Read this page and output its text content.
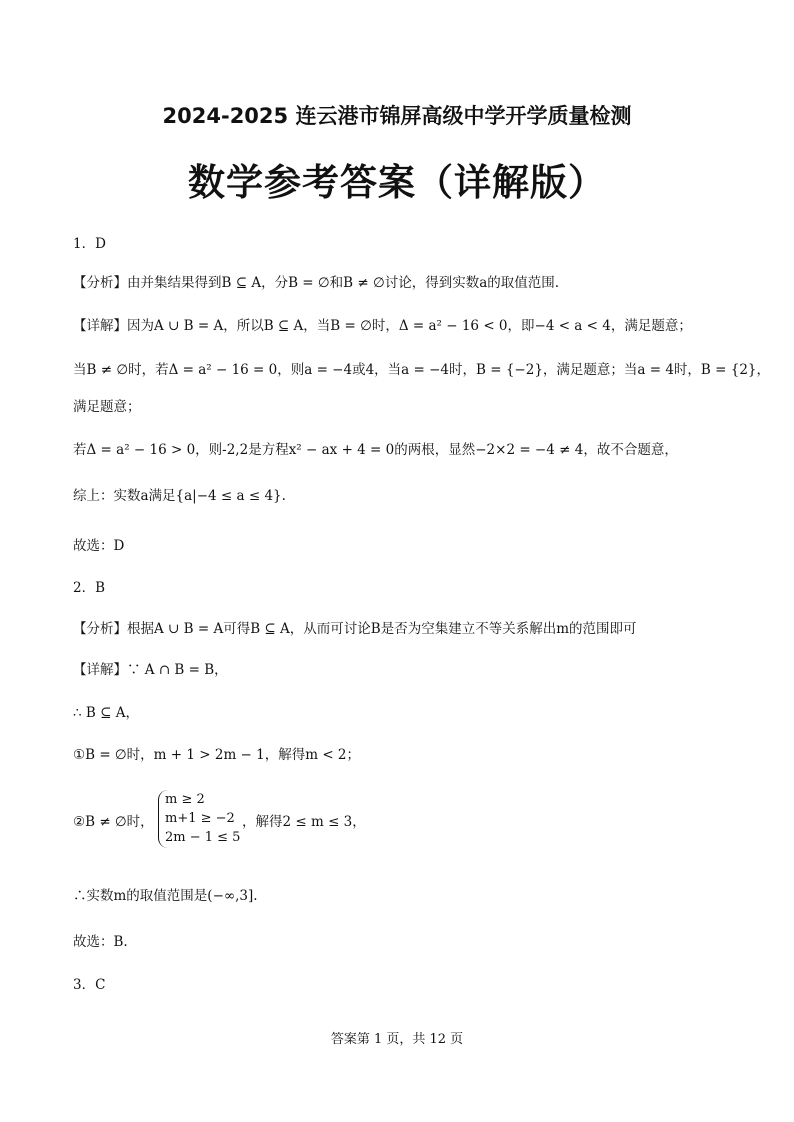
2024-2025 连云港市锦屏高级中学开学质量检测
数学参考答案（详解版）
1．D
【分析】由并集结果得到B ⊆ A，分B = ∅和B ≠ ∅讨论，得到实数a的取值范围.
【详解】因为A ∪ B = A，所以B ⊆ A，当B = ∅时，Δ = a² − 16 < 0，即−4 < a < 4，满足题意；
当B ≠ ∅时，若Δ = a² − 16 = 0，则a = −4或4，当a = −4时，B = {−2}，满足题意；当a = 4时，B = {2}，
满足题意；
若Δ = a² − 16 > 0，则-2,2是方程x² − ax + 4 = 0的两根，显然−2×2 = −4 ≠ 4，故不合题意，
综上：实数a满足{a|−4 ≤ a ≤ 4}.
故选：D
2．B
【分析】根据A ∪ B = A可得B ⊆ A，从而可讨论B是否为空集建立不等关系解出m的范围即可
【详解】∵ A ∩ B = B，
∴ B ⊆ A，
①B = ∅时，m + 1 > 2m − 1，解得m < 2；
②B ≠ ∅时，
m ≥ 2
m+1 ≥ −2
2m − 1 ≤ 5
，解得2 ≤ m ≤ 3，
∴实数m的取值范围是(−∞,3].
故选：B.
3．C
答案第 1 页，共 12 页
